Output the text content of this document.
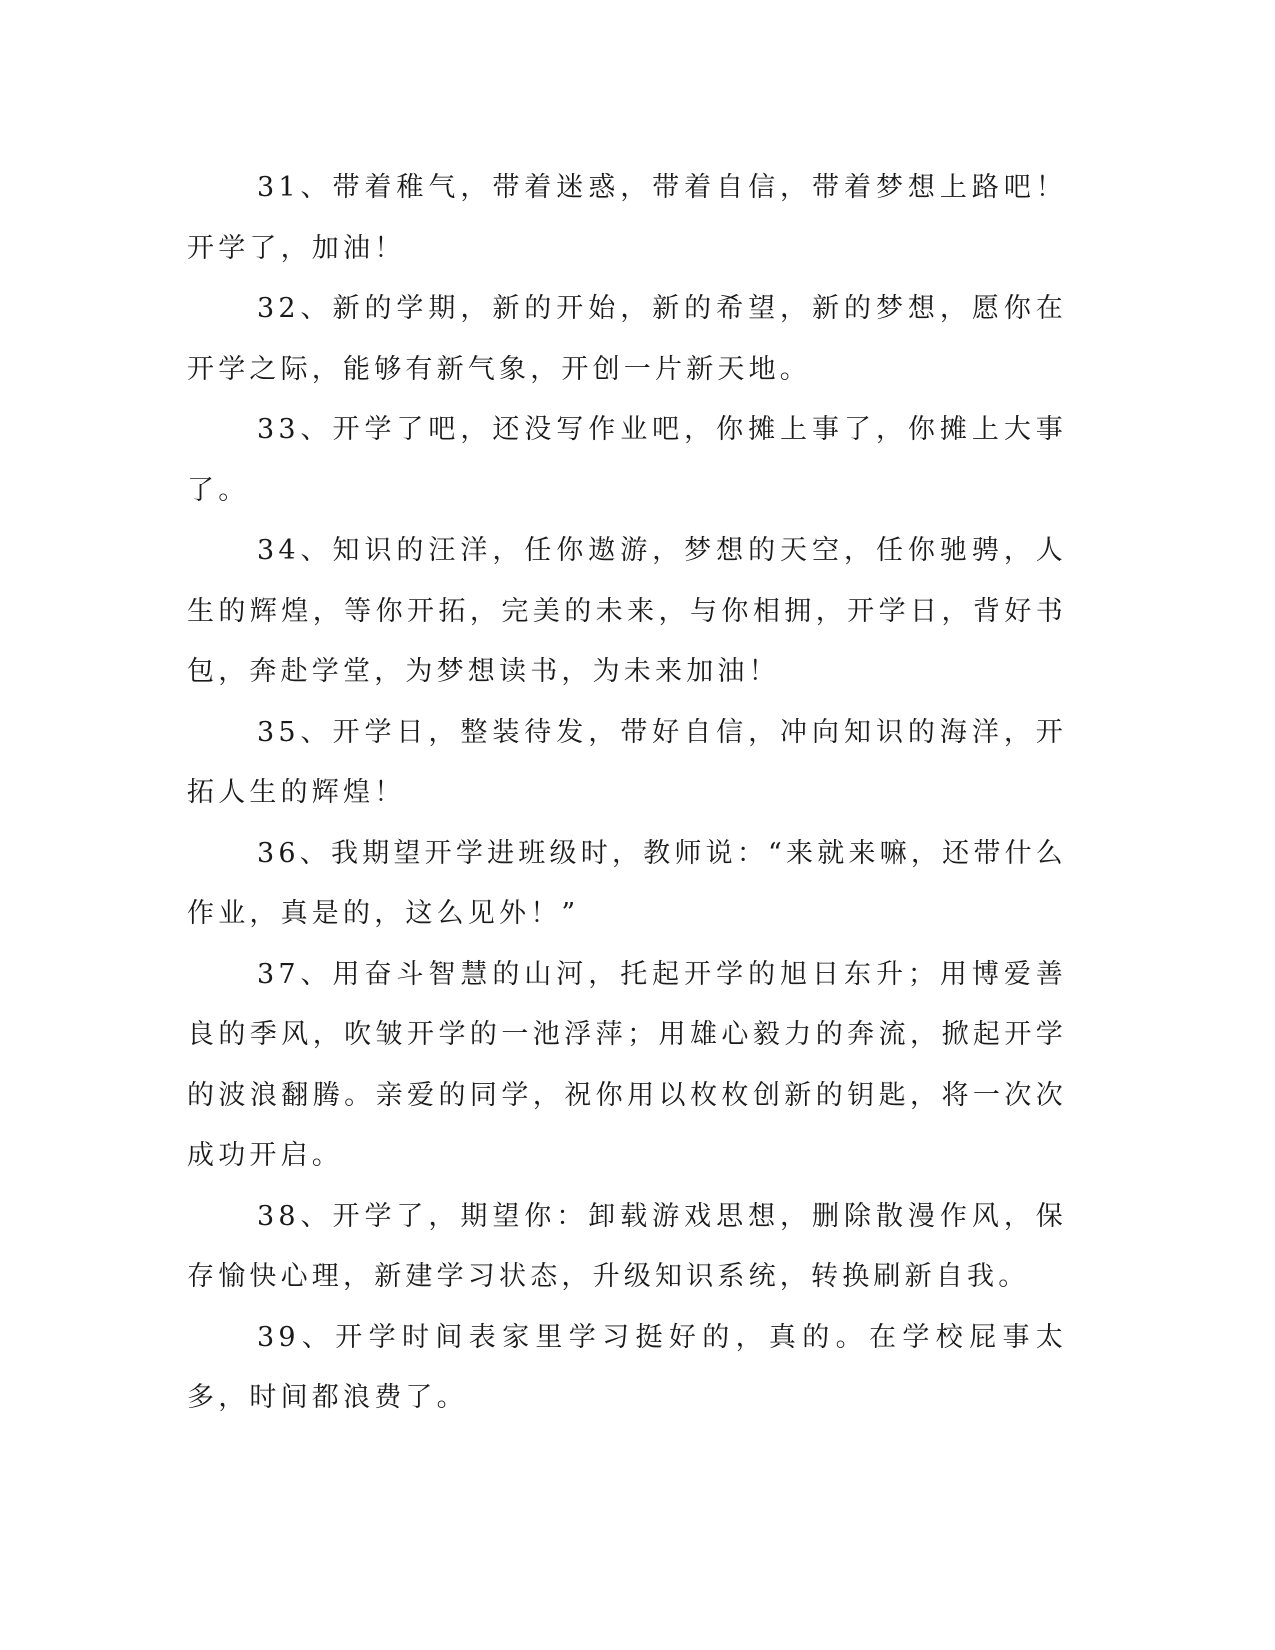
31、带着稚气，带着迷惑，带着自信，带着梦想上路吧！开学了，加油！

32、新的学期，新的开始，新的希望，新的梦想，愿你在开学之际，能够有新气象，开创一片新天地。

33、开学了吧，还没写作业吧，你摊上事了，你摊上大事了。

34、知识的汪洋，任你遨游，梦想的天空，任你驰骋，人生的辉煌，等你开拓，完美的未来，与你相拥，开学日，背好书包，奔赴学堂，为梦想读书，为未来加油！

35、开学日，整装待发，带好自信，冲向知识的海洋，开拓人生的辉煌！

36、我期望开学进班级时，教师说：“来就来嘛，还带什么作业，真是的，这么见外！”

37、用奋斗智慧的山河，托起开学的旭日东升；用博爱善良的季风，吹皱开学的一池浮萍；用雄心毅力的奔流，掀起开学的波浪翻腾。亲爱的同学，祝你用以枚枚创新的钥匙，将一次次成功开启。

38、开学了，期望你：卸载游戏思想，删除散漫作风，保存愉快心理，新建学习状态，升级知识系统，转换刷新自我。

39、开学时间表家里学习挺好的，真的。在学校屁事太多，时间都浪费了。
